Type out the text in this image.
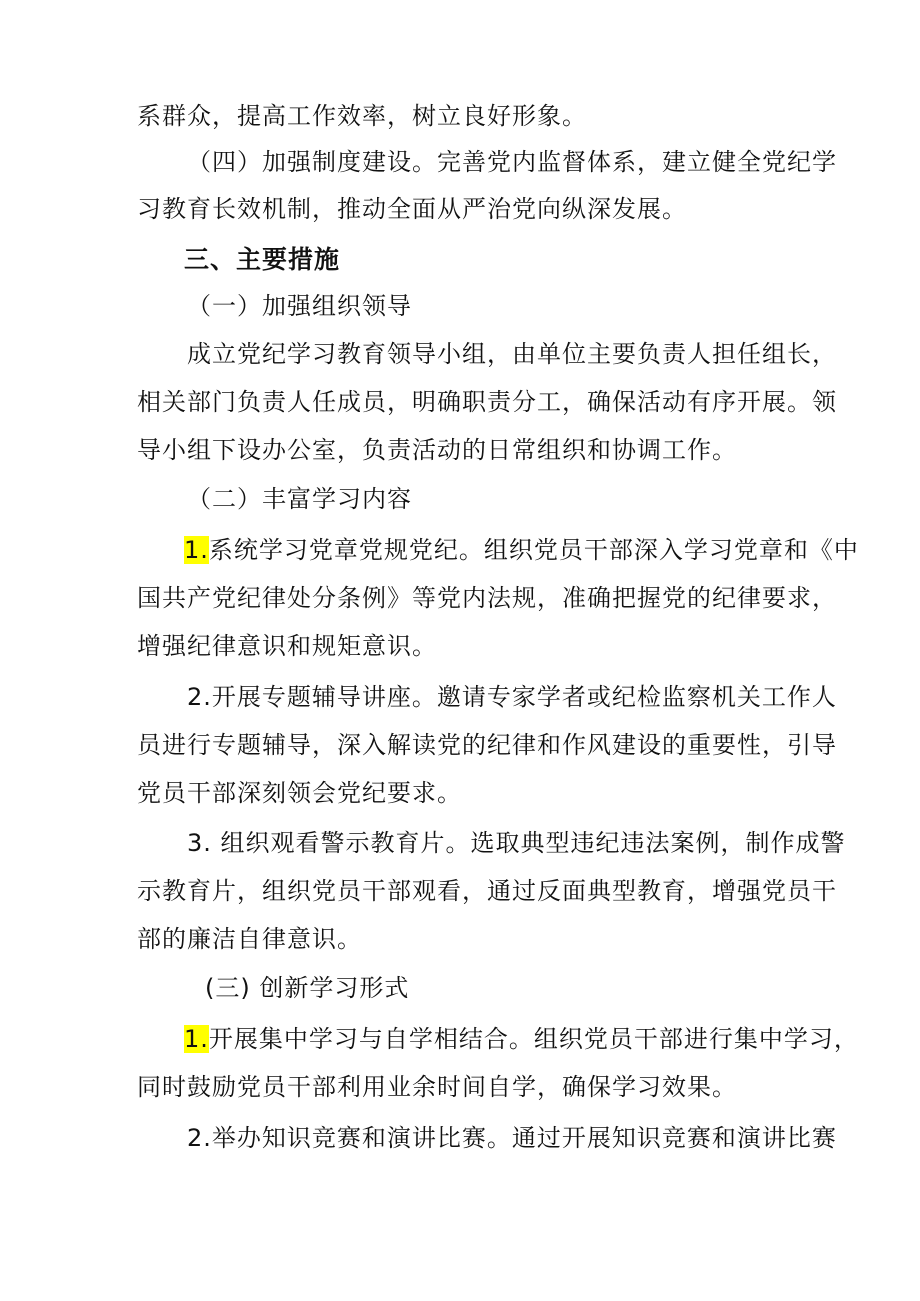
系群众，提高工作效率，树立良好形象。
（四）加强制度建设。完善党内监督体系，建立健全党纪学
习教育长效机制，推动全面从严治党向纵深发展。
三、主要措施
（一）加强组织领导
成立党纪学习教育领导小组，由单位主要负责人担任组长，
相关部门负责人任成员，明确职责分工，确保活动有序开展。领
导小组下设办公室，负责活动的日常组织和协调工作。
（二）丰富学习内容
1.系统学习党章党规党纪。组织党员干部深入学习党章和《中
国共产党纪律处分条例》等党内法规，准确把握党的纪律要求，
增强纪律意识和规矩意识。
2.开展专题辅导讲座。邀请专家学者或纪检监察机关工作人
员进行专题辅导，深入解读党的纪律和作风建设的重要性，引导
党员干部深刻领会党纪要求。
3. 组织观看警示教育片。选取典型违纪违法案例，制作成警
示教育片，组织党员干部观看，通过反面典型教育，增强党员干
部的廉洁自律意识。
(三) 创新学习形式
1.开展集中学习与自学相结合。组织党员干部进行集中学习，
同时鼓励党员干部利用业余时间自学，确保学习效果。
2.举办知识竞赛和演讲比赛。通过开展知识竞赛和演讲比赛
